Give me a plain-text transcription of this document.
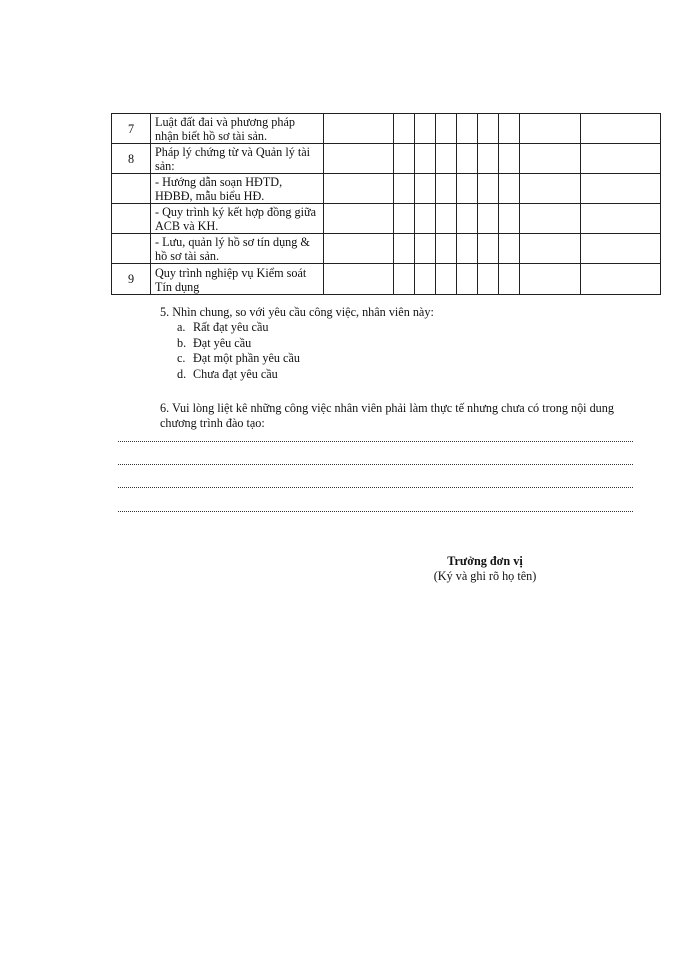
7	Luật đất đai và phương pháp nhận biết hồ sơ tài sản.									
8	Pháp lý chứng từ và Quản lý tài sản:									
	- Hướng dẫn soạn HĐTD, HĐBĐ, mẫu biểu HĐ.									
	- Quy trình ký kết hợp đồng giữa ACB và KH.									
	- Lưu, quản lý hồ sơ tín dụng & hồ sơ tài sản.									
9	Quy trình nghiệp vụ Kiểm soát Tín dụng									
5. Nhìn chung, so với yêu cầu công việc, nhân viên này:
a. Rất đạt yêu cầu
b. Đạt yêu cầu
c. Đạt một phần yêu cầu
d. Chưa đạt yêu cầu
6. Vui lòng liệt kê những công việc nhân viên phải làm thực tế nhưng chưa có trong nội dung chương trình đào tạo:
Trưởng đơn vị
(Ký và ghi rõ họ tên)
